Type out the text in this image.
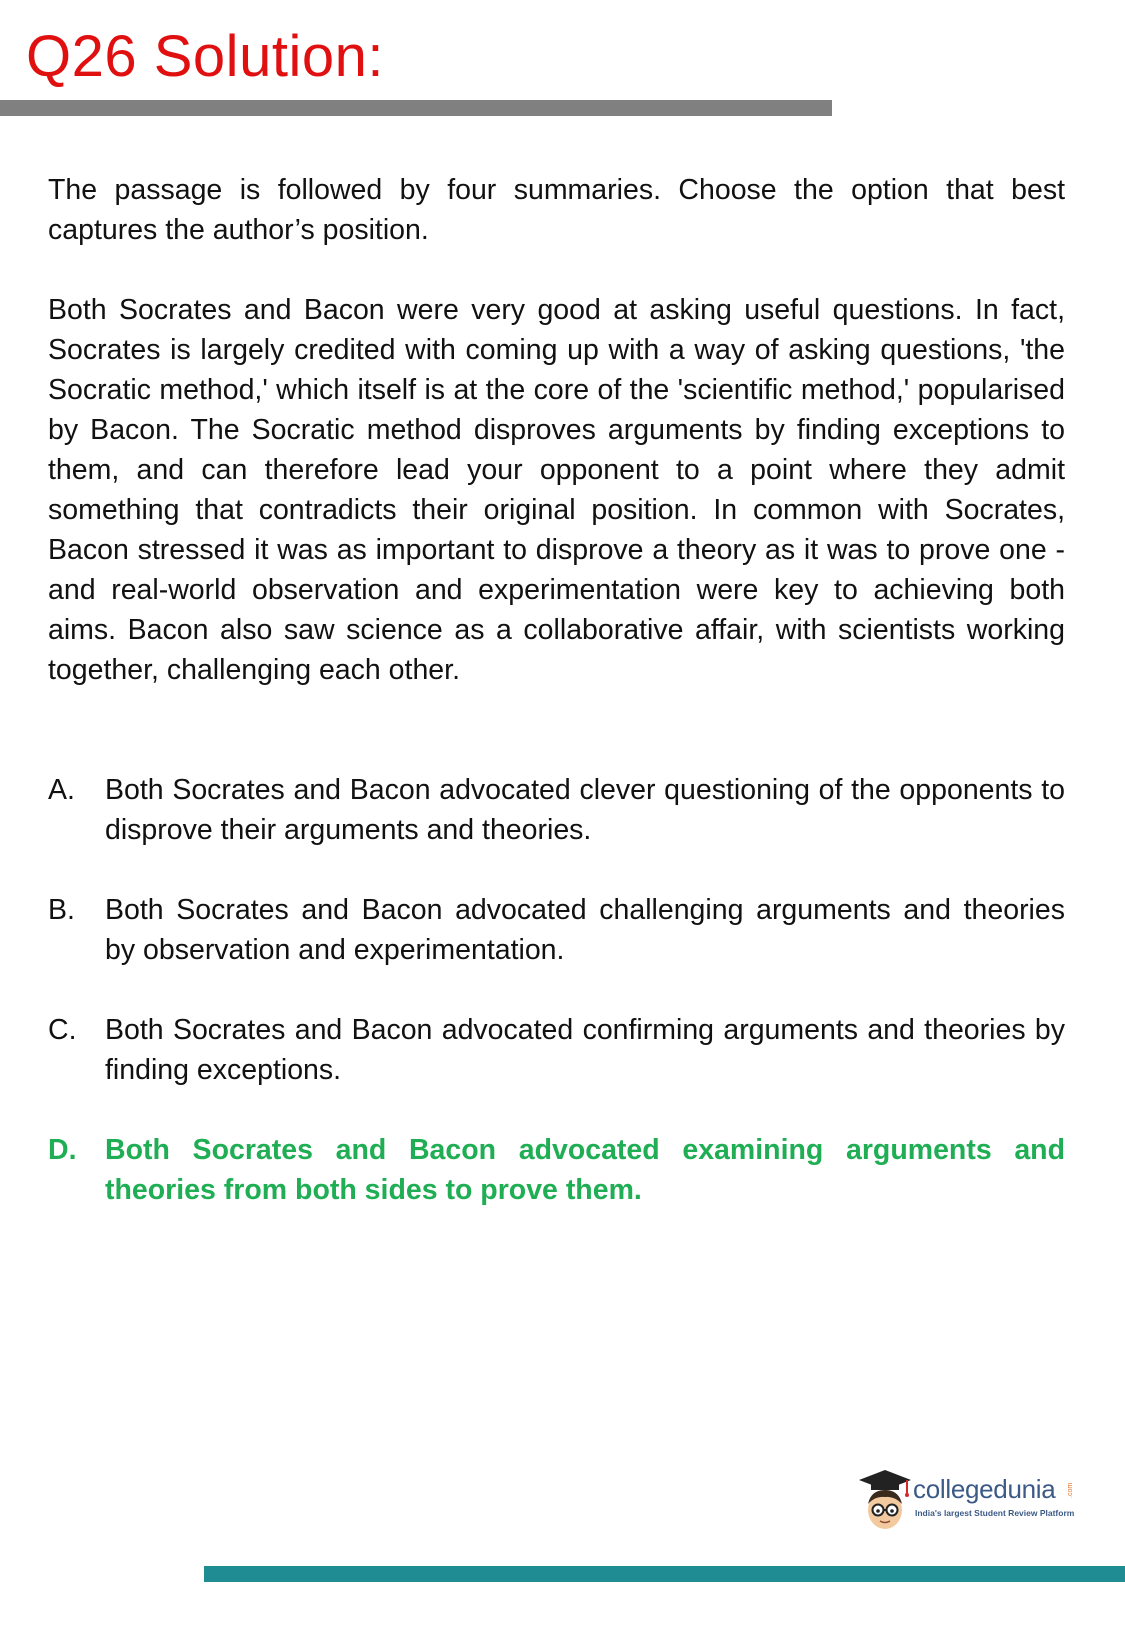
Q26 Solution:

The passage is followed by four summaries. Choose the option that best captures the author’s position.

Both Socrates and Bacon were very good at asking useful questions. In fact, Socrates is largely credited with coming up with a way of asking questions, 'the Socratic method,' which itself is at the core of the 'scientific method,' popularised by Bacon. The Socratic method disproves arguments by finding exceptions to them, and can therefore lead your opponent to a point where they admit something that contradicts their original position. In common with Socrates, Bacon stressed it was as important to disprove a theory as it was to prove one - and real-world observation and experimentation were key to achieving both aims. Bacon also saw science as a collaborative affair, with scientists working together, challenging each other.

A.	Both Socrates and Bacon advocated clever questioning of the opponents to disprove their arguments and theories.
B.	Both Socrates and Bacon advocated challenging arguments and theories by observation and experimentation.
C.	Both Socrates and Bacon advocated confirming arguments and theories by finding exceptions.
D.	Both Socrates and Bacon advocated examining arguments and theories from both sides to prove them.
collegedunia .com
India's largest Student Review Platform
